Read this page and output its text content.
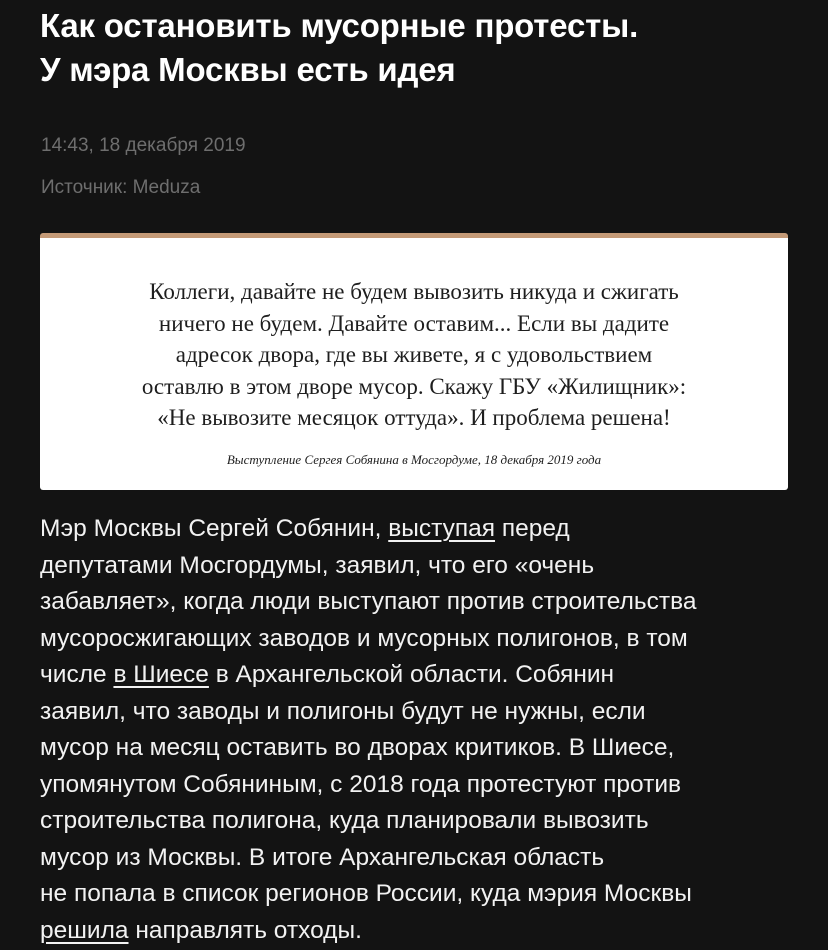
Как остановить мусорные протесты.
У мэра Москвы есть идея
14:43, 18 декабря 2019
Источник: Meduza
Коллеги, давайте не будем вывозить никуда и сжигать
ничего не будем. Давайте оставим... Если вы дадите
адресок двора, где вы живете, я с удовольствием
оставлю в этом дворе мусор. Скажу ГБУ «Жилищник»:
«Не вывозите месяцок оттуда». И проблема решена!
Выступление Сергея Собянина в Мосгордуме, 18 декабря 2019 года
Мэр Москвы Сергей Собянин, выступая перед
депутатами Мосгордумы, заявил, что его «очень
забавляет», когда люди выступают против строительства
мусоросжигающих заводов и мусорных полигонов, в том
числе в Шиесе в Архангельской области. Собянин
заявил, что заводы и полигоны будут не нужны, если
мусор на месяц оставить во дворах критиков. В Шиесе,
упомянутом Собяниным, с 2018 года протестуют против
строительства полигона, куда планировали вывозить
мусор из Москвы. В итоге Архангельская область
не попала в список регионов России, куда мэрия Москвы
решила направлять отходы.
